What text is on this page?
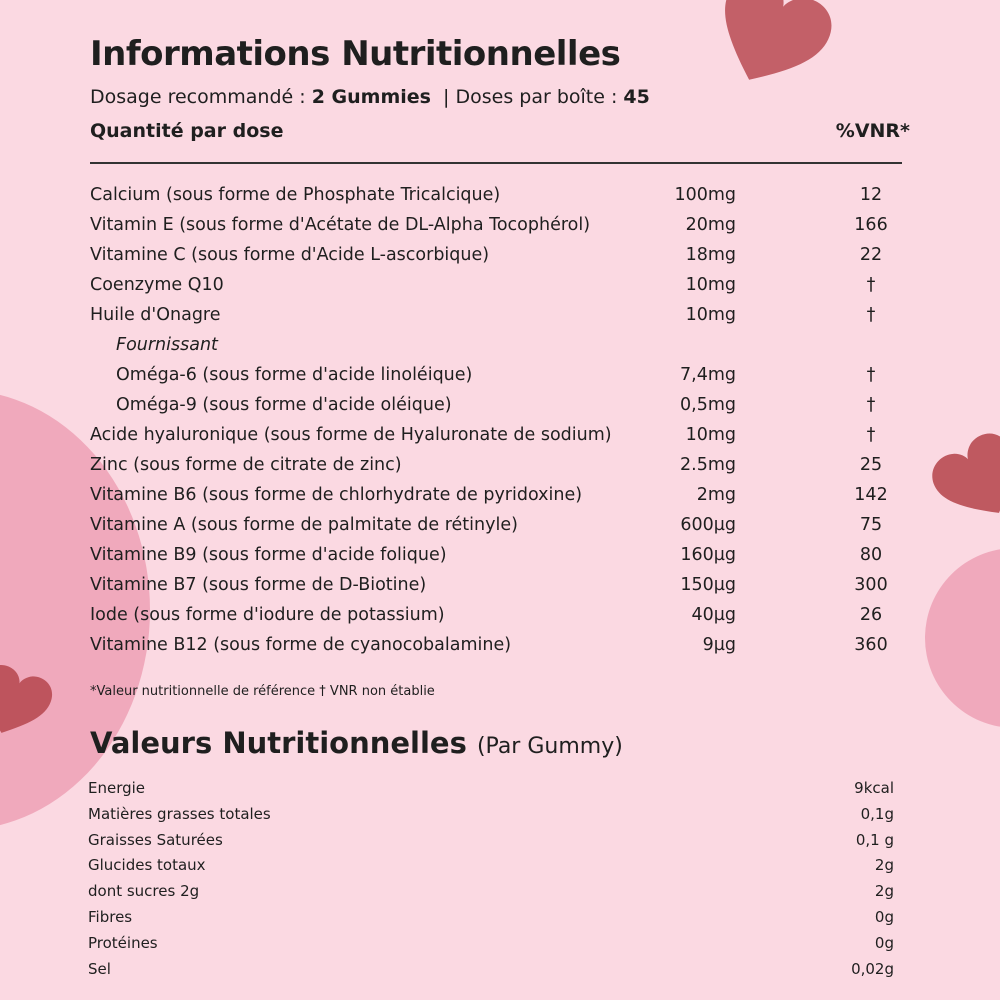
Informations Nutritionnelles
Dosage recommandé : 2 Gummies  | Doses par boîte : 45
Quantité par dose	%VNR*
Calcium (sous forme de Phosphate Tricalcique)	100mg	12
Vitamin E (sous forme d'Acétate de DL-Alpha Tocophérol)	20mg	166
Vitamine C (sous forme d'Acide L-ascorbique)	18mg	22
Coenzyme Q10	10mg	†
Huile d'Onagre	10mg	†
Fournissant
Oméga-6 (sous forme d'acide linoléique)	7,4mg	†
Oméga-9 (sous forme d'acide oléique)	0,5mg	†
Acide hyaluronique (sous forme de Hyaluronate de sodium)	10mg	†
Zinc (sous forme de citrate de zinc)	2.5mg	25
Vitamine B6 (sous forme de chlorhydrate de pyridoxine)	2mg	142
Vitamine A (sous forme de palmitate de rétinyle)	600µg	75
Vitamine B9 (sous forme d'acide folique)	160µg	80
Vitamine B7 (sous forme de D-Biotine)	150µg	300
Iode (sous forme d'iodure de potassium)	40µg	26
Vitamine B12 (sous forme de cyanocobalamine)	9µg	360
*Valeur nutritionnelle de référence † VNR non établie
Valeurs Nutritionnelles (Par Gummy)
Energie	9kcal
Matières grasses totales	0,1g
Graisses Saturées	0,1 g
Glucides totaux	2g
dont sucres 2g	2g
Fibres	0g
Protéines	0g
Sel	0,02g
